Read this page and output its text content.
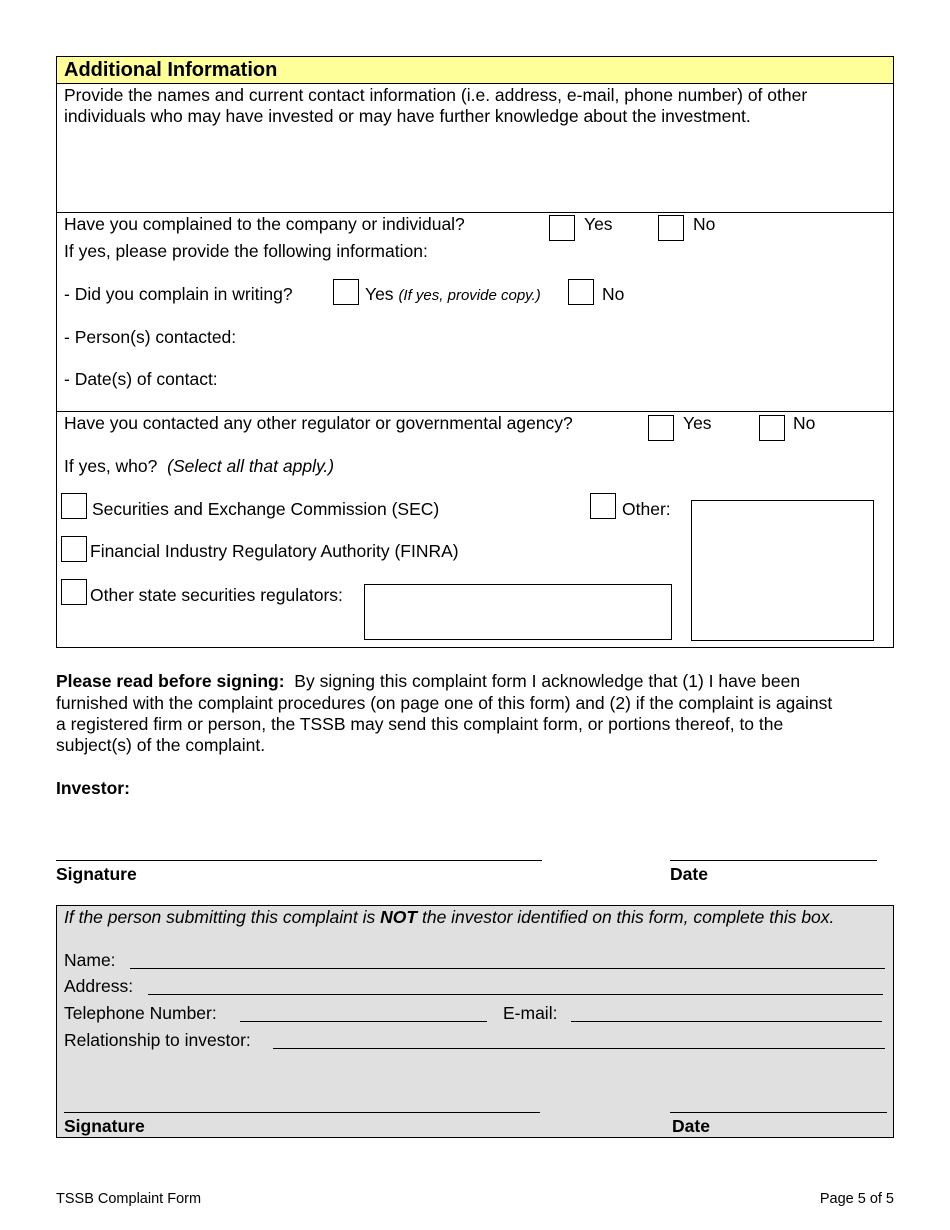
Additional Information
Provide the names and current contact information (i.e. address, e-mail, phone number) of other
individuals who may have invested or may have further knowledge about the investment.
Have you complained to the company or individual?	Yes	No
If yes, please provide the following information:
- Did you complain in writing?	Yes (If yes, provide copy.)	No
- Person(s) contacted:
- Date(s) of contact:
Have you contacted any other regulator or governmental agency?	Yes	No
If yes, who? (Select all that apply.)
Securities and Exchange Commission (SEC)	Other:
Financial Industry Regulatory Authority (FINRA)
Other state securities regulators:
Please read before signing: By signing this complaint form I acknowledge that (1) I have been
furnished with the complaint procedures (on page one of this form) and (2) if the complaint is against
a registered firm or person, the TSSB may send this complaint form, or portions thereof, to the
subject(s) of the complaint.
Investor:
Signature	Date
If the person submitting this complaint is NOT the investor identified on this form, complete this box.
Name:
Address:
Telephone Number:	E-mail:
Relationship to investor:
Signature	Date
TSSB Complaint Form	Page 5 of 5
